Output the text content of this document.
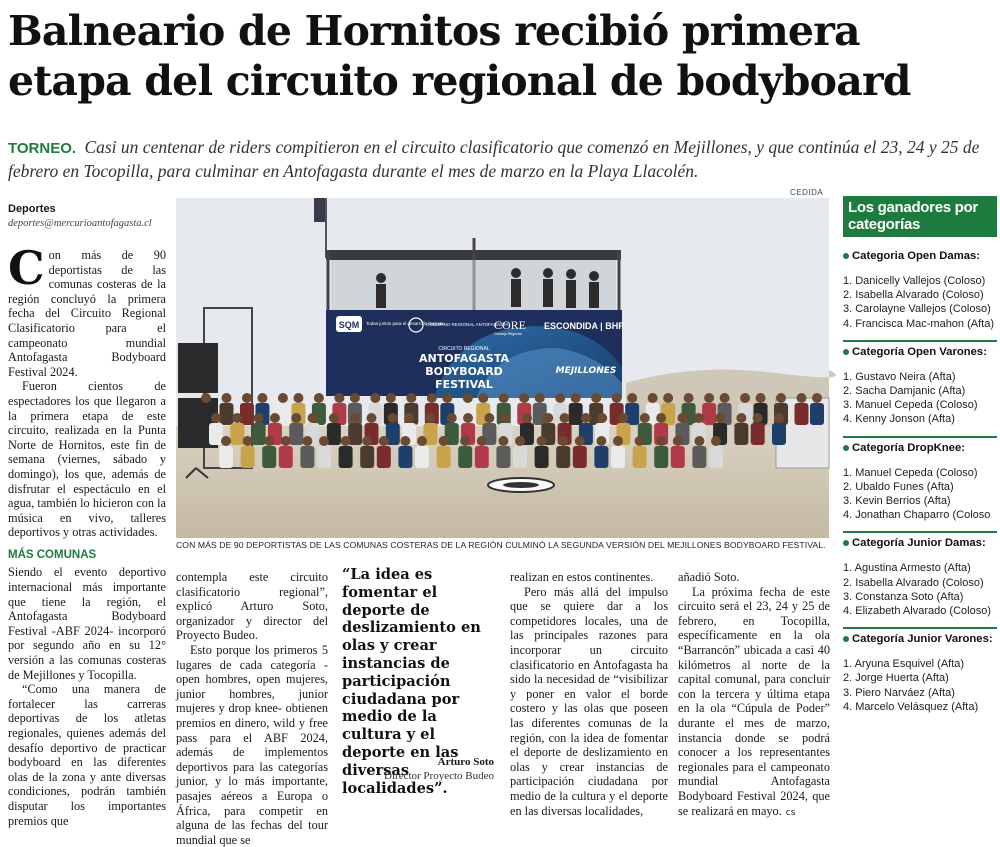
Balneario de Hornitos recibió primera etapa del circuito regional de bodyboard

TORNEO. Casi un centenar de riders compitieron en el circuito clasificatorio que comenzó en Mejillones, y que continúa el 23, 24 y 25 de febrero en Tocopilla, para culminar en Antofagasta durante el mes de marzo en la Playa Llacolén.

CEDIDA
Deportes
deportes@mercurioantofagasta.cl

Con más de 90 deportistas de las comunas costeras de la región concluyó la primera fecha del Circuito Regional Clasificatorio para el campeonato mundial Antofagasta Bodyboard Festival 2024.

Fueron cientos de espectadores los que llegaron a la primera etapa de este circuito, realizada en la Punta Norte de Hornitos, este fin de semana (viernes, sábado y domingo), los que, además de disfrutar el espectáculo en el agua, también lo hicieron con la música en vivo, talleres deportivos y otras actividades.

MÁS COMUNAS

Siendo el evento deportivo internacional más importante que tiene la región, el Antofagasta Bodyboard Festival -ABF 2024- incorporó por segundo año en su 12° versión a las comunas costeras de Mejillones y Tocopilla.

“Como una manera de fortalecer las carreras deportivas de los atletas regionales, quienes además del desafío deportivo de practicar bodyboard en las diferentes olas de la zona y ante diversas condiciones, podrán también disputar los importantes premios que

SQM Todas juntos para el desarrollo humano
GOBIERNO REGIONAL ANTOFAGASTA
CORE
Consejo Regional
ESCONDIDA | BHP
CIRCUITO REGIONAL
ANTOFAGASTA
BODYBOARD
FESTIVAL
MEJILLONES
CON MÁS DE 90 DEPORTISTAS DE LAS COMUNAS COSTERAS DE LA REGIÓN CULMINÓ LA SEGUNDA VERSIÓN DEL MEJILLONES BODYBOARD FESTIVAL.

contempla este circuito clasificatorio regional”, explicó Arturo Soto, organizador y director del Proyecto Budeo.

Esto porque los primeros 5 lugares de cada categoría -open hombres, open mujeres, junior hombres, junior mujeres y drop knee- obtienen premios en dinero, wild y free pass para el ABF 2024, además de implementos deportivos para las categorías junior, y lo más importante, pasajes aéreos a Europa o África, para competir en alguna de las fechas del tour mundial que se

“La idea es fomentar el deporte de deslizamiento en olas y crear instancias de participación ciudadana por medio de la cultura y el deporte en las diversas localidades”.
Arturo Soto
Director Proyecto Budeo

realizan en estos continentes.

Pero más allá del impulso que se quiere dar a los competidores locales, una de las principales razones para incorporar un circuito clasificatorio en Antofagasta ha sido la necesidad de “visibilizar y poner en valor el borde costero y las olas que poseen las diferentes comunas de la región, con la idea de fomentar el deporte de deslizamiento en olas y crear instancias de participación ciudadana por medio de la cultura y el deporte en las diversas localidades,

añadió Soto.

La próxima fecha de este circuito será el 23, 24 y 25 de febrero, en Tocopilla, específicamente en la ola “Barrancón” ubicada a casi 40 kilómetros al norte de la capital comunal, para concluir con la tercera y última etapa en la ola “Cúpula de Poder” durante el mes de marzo, instancia donde se podrá conocer a los representantes regionales para el campeonato mundial Antofagasta Bodyboard Festival 2024, que se realizará en mayo. cs

Los ganadores por categorías
Categoria Open Damas:
1. Danicelly Vallejos (Coloso)
2. Isabella Alvarado (Coloso)
3. Carolayne Vallejos (Coloso)
4. Francisca Mac-mahon (Afta)
Categoría Open Varones:
1. Gustavo Neira (Afta)
2. Sacha Damjanic (Afta)
3. Manuel Cepeda (Coloso)
4. Kenny Jonson (Afta)
Categoría DropKnee:
1. Manuel Cepeda (Coloso)
2. Ubaldo Funes (Afta)
3. Kevin Berrios (Afta)
4. Jonathan Chaparro (Coloso
Categoría Junior Damas:
1. Agustina Armesto (Afta)
2. Isabella Alvarado (Coloso)
3. Constanza Soto (Afta)
4. Elizabeth Alvarado (Coloso)
Categoría Junior Varones:
1. Aryuna Esquivel (Afta)
2. Jorge Huerta (Afta)
3. Piero Narváez (Afta)
4. Marcelo Velásquez (Afta)
